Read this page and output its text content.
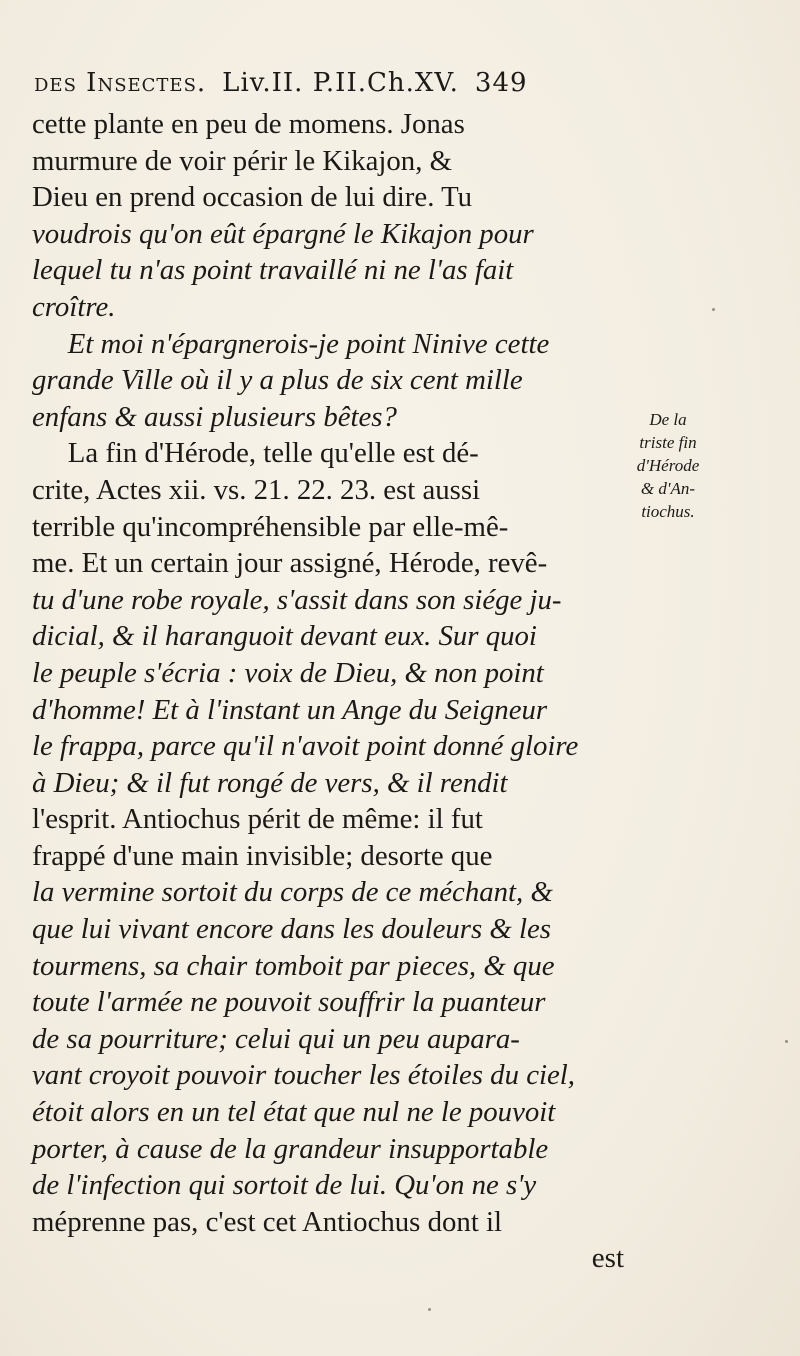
des Insectes. Liv.II. P.II.Ch.XV. 349
cette plante en peu de momens. Jonas
murmure de voir périr le Kikajon, &
Dieu en prend occasion de lui dire. Tu
voudrois qu'on eût épargné le Kikajon pour
lequel tu n'as point travaillé ni ne l'as fait
croître.
Et moi n'épargnerois-je point Ninive cette
grande Ville où il y a plus de six cent mille
enfans & aussi plusieurs bêtes?
La fin d'Hérode, telle qu'elle est dé-
crite, Actes xii. vs. 21. 22. 23. est aussi
terrible qu'incompréhensible par elle-mê-
me. Et un certain jour assigné, Hérode, revê-
tu d'une robe royale, s'assit dans son siége ju-
dicial, & il haranguoit devant eux. Sur quoi
le peuple s'écria : voix de Dieu, & non point
d'homme! Et à l'instant un Ange du Seigneur
le frappa, parce qu'il n'avoit point donné gloire
à Dieu; & il fut rongé de vers, & il rendit
l'esprit. Antiochus périt de même: il fut
frappé d'une main invisible; desorte que
la vermine sortoit du corps de ce méchant, &
que lui vivant encore dans les douleurs & les
tourmens, sa chair tomboit par pieces, & que
toute l'armée ne pouvoit souffrir la puanteur
de sa pourriture; celui qui un peu aupara-
vant croyoit pouvoir toucher les étoiles du ciel,
étoit alors en un tel état que nul ne le pouvoit
porter, à cause de la grandeur insupportable
de l'infection qui sortoit de lui. Qu'on ne s'y
méprenne pas, c'est cet Antiochus dont il
est
De la
triste fin
d'Hérode
& d'An-
tiochus.
